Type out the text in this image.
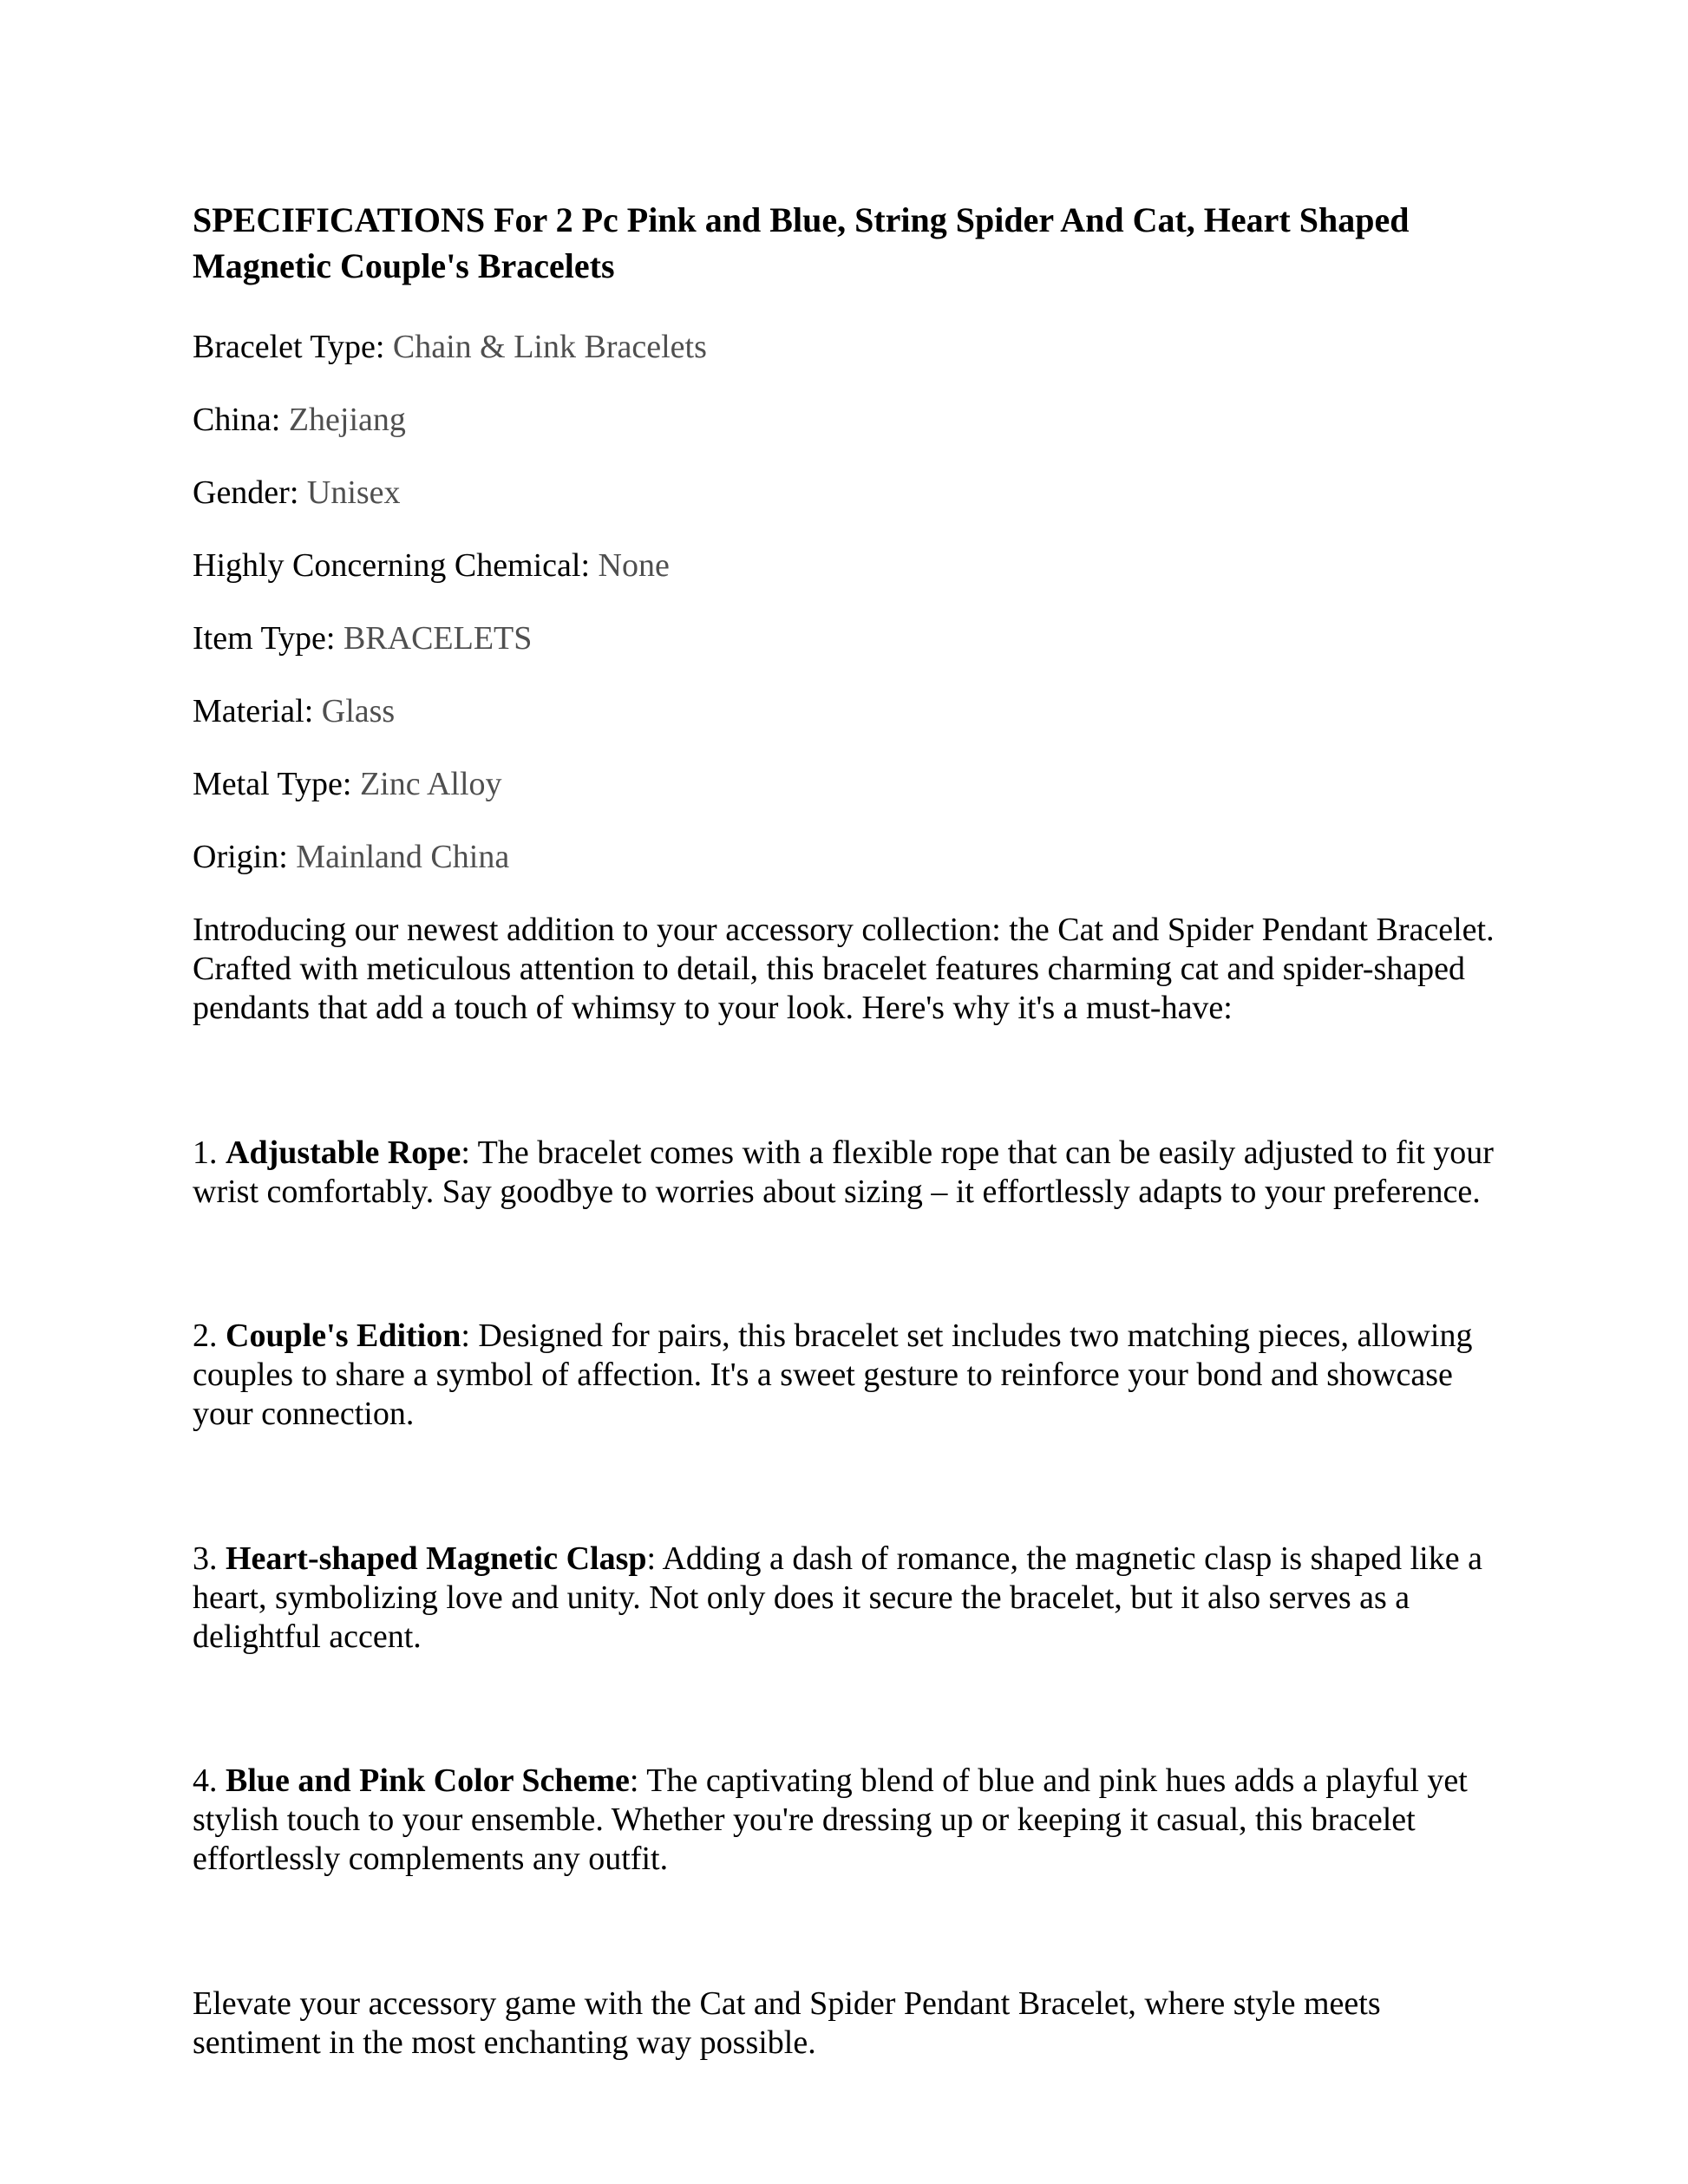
SPECIFICATIONS For 2 Pc Pink and Blue, String Spider And Cat, Heart Shaped Magnetic Couple's Bracelets

Bracelet Type: Chain & Link Bracelets

China: Zhejiang

Gender: Unisex

Highly Concerning Chemical: None

Item Type: BRACELETS

Material: Glass

Metal Type: Zinc Alloy

Origin: Mainland China

Introducing our newest addition to your accessory collection: the Cat and Spider Pendant Bracelet. Crafted with meticulous attention to detail, this bracelet features charming cat and spider-shaped pendants that add a touch of whimsy to your look. Here's why it's a must-have:

1. Adjustable Rope: The bracelet comes with a flexible rope that can be easily adjusted to fit your wrist comfortably. Say goodbye to worries about sizing – it effortlessly adapts to your preference.

2. Couple's Edition: Designed for pairs, this bracelet set includes two matching pieces, allowing couples to share a symbol of affection. It's a sweet gesture to reinforce your bond and showcase your connection.

3. Heart-shaped Magnetic Clasp: Adding a dash of romance, the magnetic clasp is shaped like a heart, symbolizing love and unity. Not only does it secure the bracelet, but it also serves as a delightful accent.

4. Blue and Pink Color Scheme: The captivating blend of blue and pink hues adds a playful yet stylish touch to your ensemble. Whether you're dressing up or keeping it casual, this bracelet effortlessly complements any outfit.

Elevate your accessory game with the Cat and Spider Pendant Bracelet, where style meets sentiment in the most enchanting way possible.
